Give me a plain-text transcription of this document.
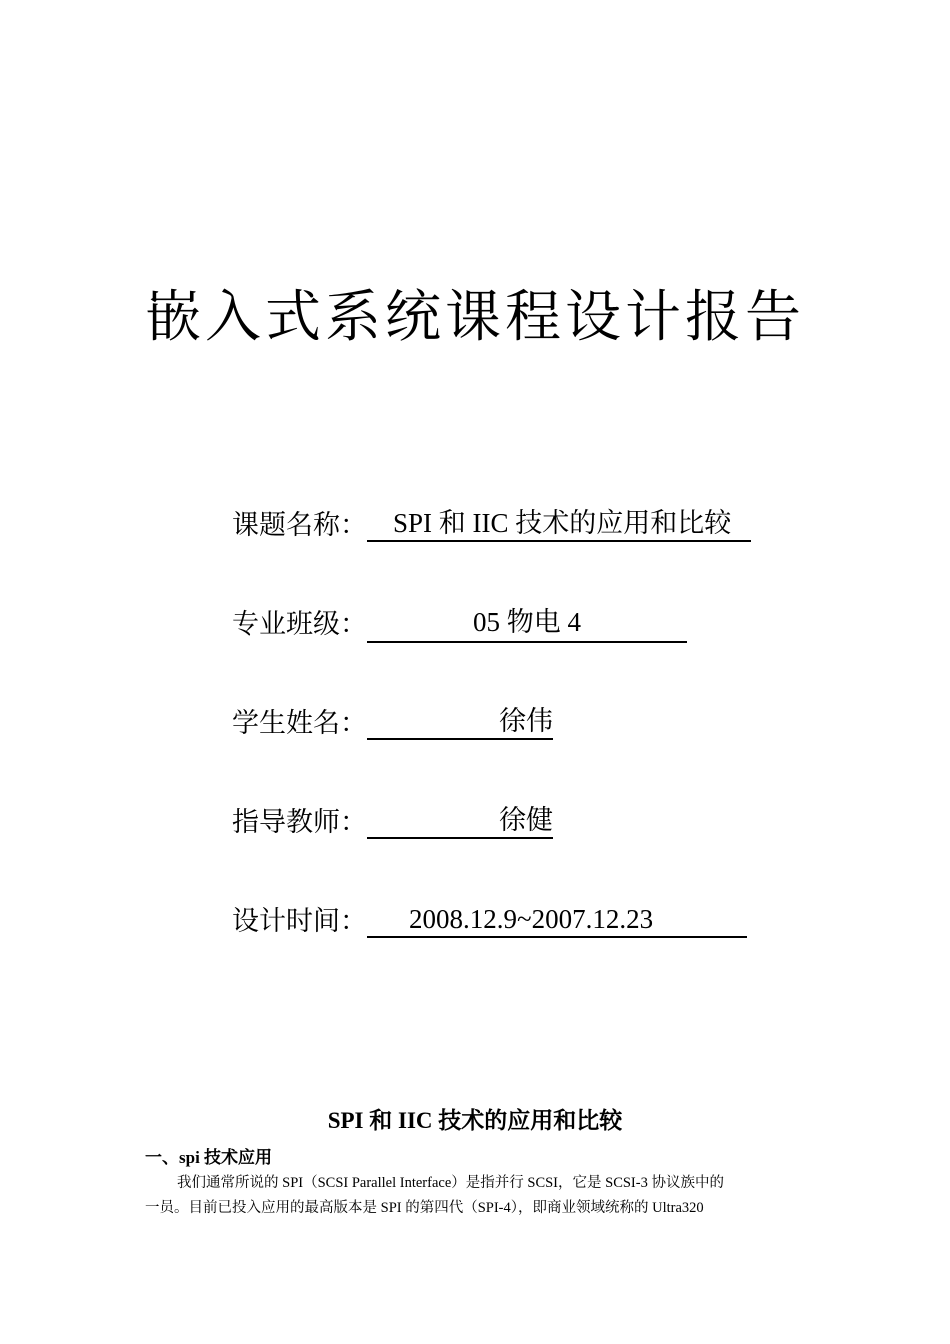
嵌入式系统课程设计报告
课题名称： SPI 和 IIC 技术的应用和比较
专业班级：	05 物电 4
学生姓名：	徐伟
指导教师：	徐健
设计时间： 2008.12.9~2007.12.23
SPI 和 IIC 技术的应用和比较
一、spi 技术应用

我们通常所说的 SPI（SCSI Parallel Interface）是指并行 SCSI，它是 SCSI-3 协议族中的

一员。目前已投入应用的最高版本是 SPI 的第四代（SPI-4），即商业领域统称的 Ultra320
